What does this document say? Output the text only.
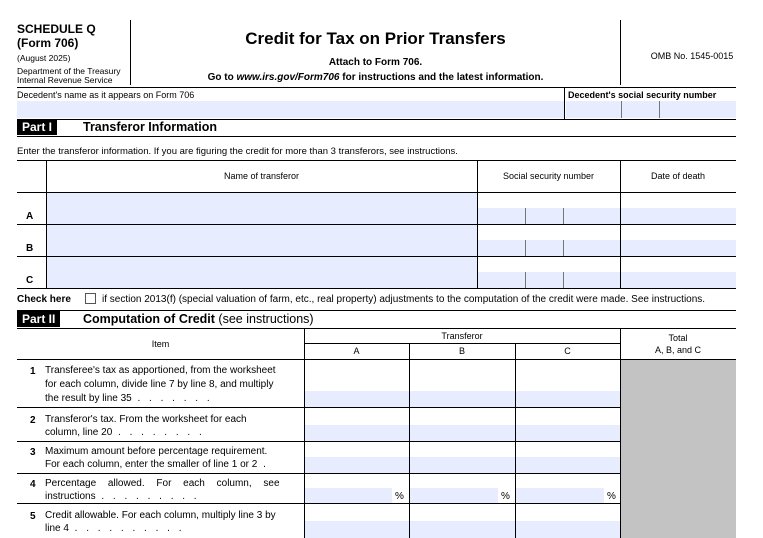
SCHEDULE Q
(Form 706)
(August 2025)
Department of the Treasury
Internal Revenue Service
Credit for Tax on Prior Transfers
Attach to Form 706.
Go to www.irs.gov/Form706 for instructions and the latest information.
OMB No. 1545-0015
Decedent's name as it appears on Form 706	Decedent's social security number
Part I	Transferor Information
Enter the transferor information. If you are figuring the credit for more than 3 transferors, see instructions.
Name of transferor	Social security number	Date of death
A
B
C
Check here	if section 2013(f) (special valuation of farm, etc., real property) adjustments to the computation of the credit were made. See instructions.
Part II	Computation of Credit (see instructions)
Item
Transferor
A	B	C
Total
A, B, and C
1 Transferee's tax as apportioned, from the worksheet
for each column, divide line 7 by line 8, and multiply
the result by line 35 . . . . . . .
2 Transferor's tax. From the worksheet for each
column, line 20 . . . . . . . .
3 Maximum amount before percentage requirement.
For each column, enter the smaller of line 1 or 2 .
4 Percentage allowed. For each column, see
instructions . . . . . . . . .	%	%	%
5 Credit allowable. For each column, multiply line 3 by
line 4 . . . . . . . . . .
